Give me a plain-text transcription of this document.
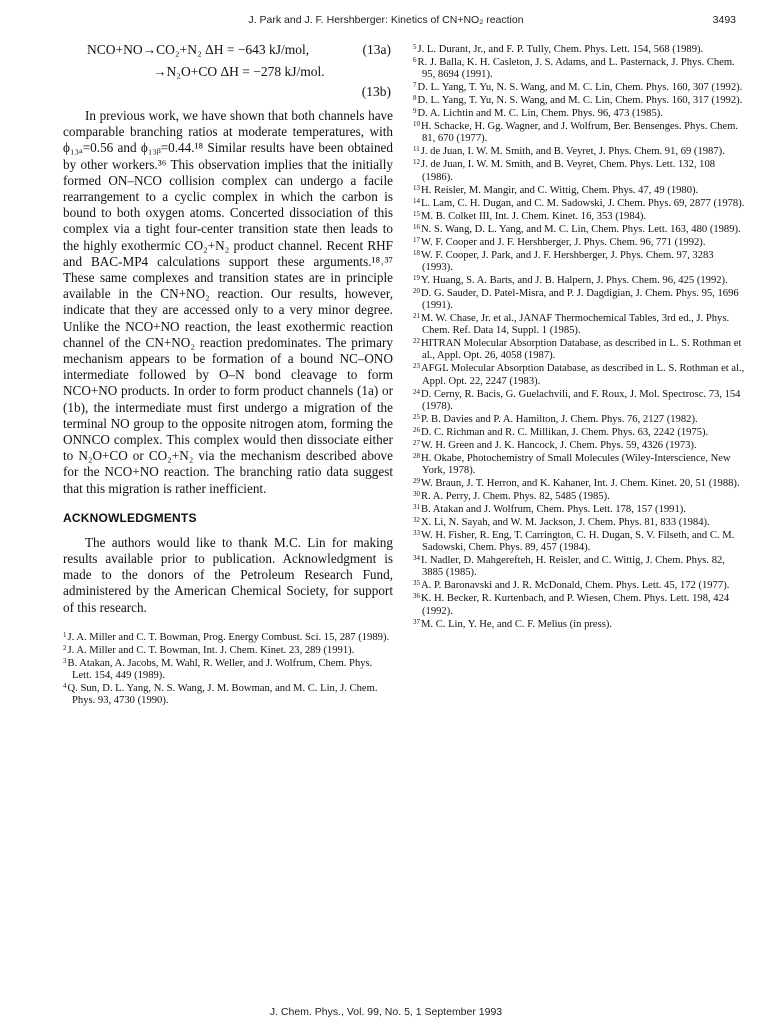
J. Park and J. F. Hershberger: Kinetics of CN+NO₂ reaction	3493
NCO+NO→CO₂+N₂ ΔH = −643 kJ/mol,	(13a)
→N₂O+CO ΔH = −278 kJ/mol.
(13b)

In previous work, we have shown that both channels have comparable branching ratios at moderate temperatures, with ϕ₁₃ₐ=0.56 and ϕ₁₃ᵦ=0.44.¹⁸ Similar results have been obtained by other workers.³⁶ This observation implies that the initially formed ON–NCO collision complex can undergo a facile rearrangement to a cyclic complex in which the carbon is bound to both oxygen atoms. Concerted dissociation of this complex via a tight four-center transition state then leads to the highly exothermic CO₂+N₂ product channel. Recent RHF and BAC-MP4 calculations support these arguments.¹⁸˒³⁷ These same complexes and transition states are in principle available in the CN+NO₂ reaction. Our results, however, indicate that they are accessed only to a very minor degree. Unlike the NCO+NO reaction, the least exothermic reaction channel of the CN+NO₂ reaction predominates. The primary mechanism appears to be formation of a bound NC–ONO intermediate followed by O–N bond cleavage to form NCO+NO products. In order to form product channels (1a) or (1b), the intermediate must first undergo a migration of the terminal NO group to the opposite nitrogen atom, forming the ONNCO complex. This complex would then dissociate either to N₂O+CO or CO₂+N₂ via the mechanism described above for the NCO+NO reaction. The branching ratio data suggest that this migration is rather inefficient.

ACKNOWLEDGMENTS

The authors would like to thank M.C. Lin for making results available prior to publication. Acknowledgment is made to the donors of the Petroleum Research Fund, administered by the American Chemical Society, for support of this research.

$^1$J. A. Miller and C. T. Bowman, Prog. Energy Combust. Sci. 15, 287 (1989).
$^2$J. A. Miller and C. T. Bowman, Int. J. Chem. Kinet. 23, 289 (1991).
$^3$B. Atakan, A. Jacobs, M. Wahl, R. Weller, and J. Wolfrum, Chem. Phys. Lett. 154, 449 (1989).
$^4$Q. Sun, D. L. Yang, N. S. Wang, J. M. Bowman, and M. C. Lin, J. Chem. Phys. 93, 4730 (1990).
$^5$J. L. Durant, Jr., and F. P. Tully, Chem. Phys. Lett. 154, 568 (1989).
$^6$R. J. Balla, K. H. Casleton, J. S. Adams, and L. Pasternack, J. Phys. Chem. 95, 8694 (1991).
$^7$D. L. Yang, T. Yu, N. S. Wang, and M. C. Lin, Chem. Phys. 160, 307 (1992).
$^8$D. L. Yang, T. Yu, N. S. Wang, and M. C. Lin, Chem. Phys. 160, 317 (1992).
$^9$D. A. Lichtin and M. C. Lin, Chem. Phys. 96, 473 (1985).
$^{10}$H. Schacke, H. Gg. Wagner, and J. Wolfrum, Ber. Bensenges. Phys. Chem. 81, 670 (1977).
$^{11}$J. de Juan, I. W. M. Smith, and B. Veyret, J. Phys. Chem. 91, 69 (1987).
$^{12}$J. de Juan, I. W. M. Smith, and B. Veyret, Chem. Phys. Lett. 132, 108 (1986).
$^{13}$H. Reisler, M. Mangir, and C. Wittig, Chem. Phys. 47, 49 (1980).
$^{14}$L. Lam, C. H. Dugan, and C. M. Sadowski, J. Chem. Phys. 69, 2877 (1978).
$^{15}$M. B. Colket III, Int. J. Chem. Kinet. 16, 353 (1984).
$^{16}$N. S. Wang, D. L. Yang, and M. C. Lin, Chem. Phys. Lett. 163, 480 (1989).
$^{17}$W. F. Cooper and J. F. Hershberger, J. Phys. Chem. 96, 771 (1992).
$^{18}$W. F. Cooper, J. Park, and J. F. Hershberger, J. Phys. Chem. 97, 3283 (1993).
$^{19}$Y. Huang, S. A. Barts, and J. B. Halpern, J. Phys. Chem. 96, 425 (1992).
$^{20}$D. G. Sauder, D. Patel-Misra, and P. J. Dagdigian, J. Chem. Phys. 95, 1696 (1991).
$^{21}$M. W. Chase, Jr. et al., JANAF Thermochemical Tables, 3rd ed., J. Phys. Chem. Ref. Data 14, Suppl. 1 (1985).
$^{22}$HITRAN Molecular Absorption Database, as described in L. S. Rothman et al., Appl. Opt. 26, 4058 (1987).
$^{23}$AFGL Molecular Absorption Database, as described in L. S. Rothman et al., Appl. Opt. 22, 2247 (1983).
$^{24}$D. Cerny, R. Bacis, G. Guelachvili, and F. Roux, J. Mol. Spectrosc. 73, 154 (1978).
$^{25}$P. B. Davies and P. A. Hamilton, J. Chem. Phys. 76, 2127 (1982).
$^{26}$D. C. Richman and R. C. Millikan, J. Chem. Phys. 63, 2242 (1975).
$^{27}$W. H. Green and J. K. Hancock, J. Chem. Phys. 59, 4326 (1973).
$^{28}$H. Okabe, Photochemistry of Small Molecules (Wiley-Interscience, New York, 1978).
$^{29}$W. Braun, J. T. Herron, and K. Kahaner, Int. J. Chem. Kinet. 20, 51 (1988).
$^{30}$R. A. Perry, J. Chem. Phys. 82, 5485 (1985).
$^{31}$B. Atakan and J. Wolfrum, Chem. Phys. Lett. 178, 157 (1991).
$^{32}$X. Li, N. Sayah, and W. M. Jackson, J. Chem. Phys. 81, 833 (1984).
$^{33}$W. H. Fisher, R. Eng, T. Carrington, C. H. Dugan, S. V. Filseth, and C. M. Sadowski, Chem. Phys. 89, 457 (1984).
$^{34}$I. Nadler, D. Mahgerefteh, H. Reisler, and C. Wittig, J. Chem. Phys. 82, 3885 (1985).
$^{35}$A. P. Baronavski and J. R. McDonald, Chem. Phys. Lett. 45, 172 (1977).
$^{36}$K. H. Becker, R. Kurtenbach, and P. Wiesen, Chem. Phys. Lett. 198, 424 (1992).
$^{37}$M. C. Lin, Y. He, and C. F. Melius (in press).
J. Chem. Phys., Vol. 99, No. 5, 1 September 1993
